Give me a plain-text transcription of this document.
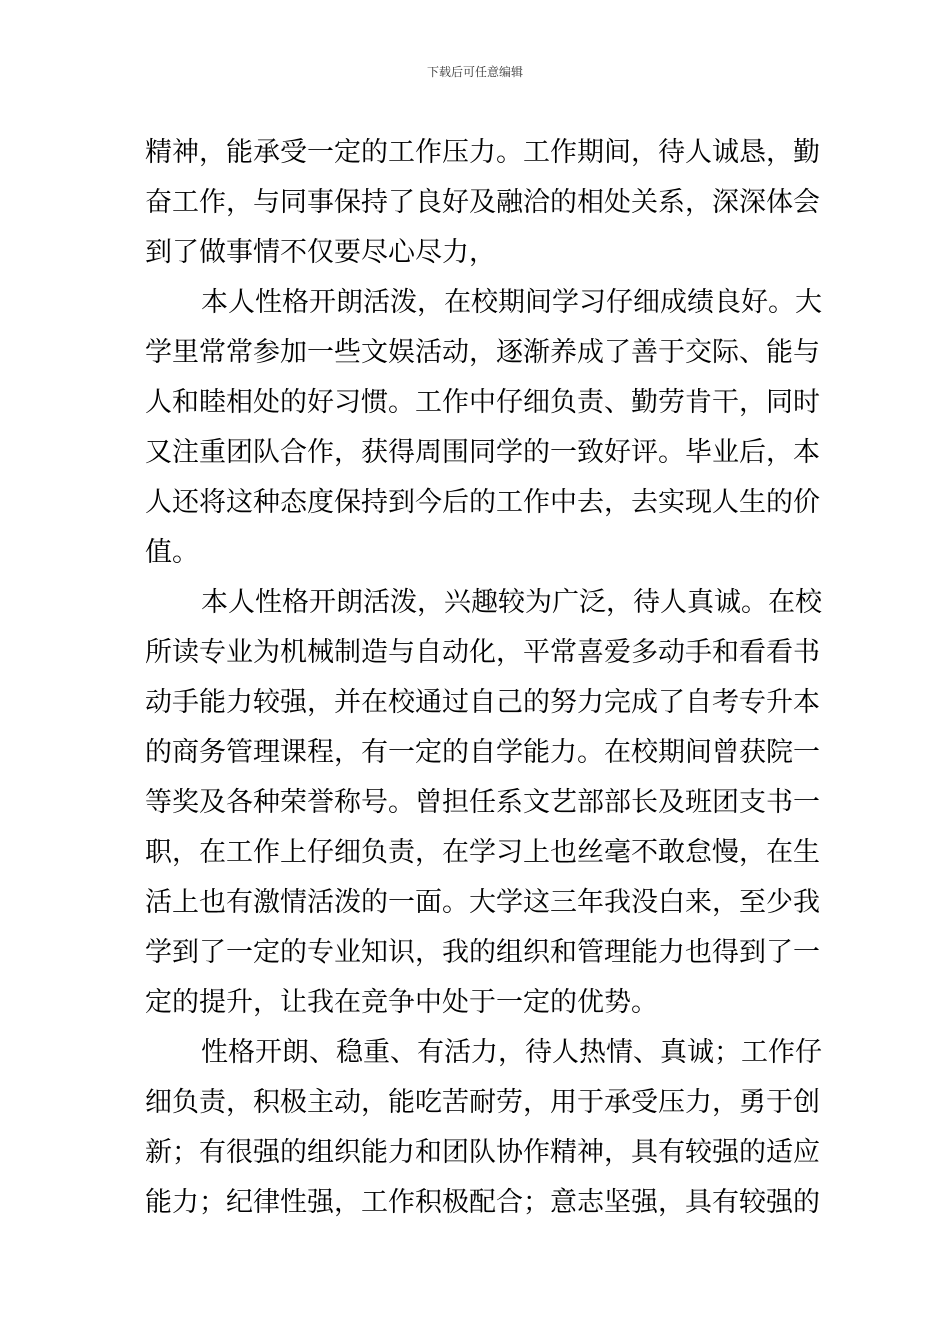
下载后可任意编辑
精神，能承受一定的工作压力。工作期间，待人诚恳，勤
奋工作，与同事保持了良好及融洽的相处关系，深深体会
到了做事情不仅要尽心尽力，
本人性格开朗活泼，在校期间学习仔细成绩良好。大
学里常常参加一些文娱活动，逐渐养成了善于交际、能与
人和睦相处的好习惯。工作中仔细负责、勤劳肯干，同时
又注重团队合作，获得周围同学的一致好评。毕业后，本
人还将这种态度保持到今后的工作中去，去实现人生的价
值。
本人性格开朗活泼，兴趣较为广泛，待人真诚。在校
所读专业为机械制造与自动化，平常喜爱多动手和看看书
动手能力较强，并在校通过自己的努力完成了自考专升本
的商务管理课程，有一定的自学能力。在校期间曾获院一
等奖及各种荣誉称号。曾担任系文艺部部长及班团支书一
职，在工作上仔细负责，在学习上也丝毫不敢怠慢，在生
活上也有激情活泼的一面。大学这三年我没白来，至少我
学到了一定的专业知识，我的组织和管理能力也得到了一
定的提升，让我在竞争中处于一定的优势。
性格开朗、稳重、有活力，待人热情、真诚；工作仔
细负责，积极主动，能吃苦耐劳，用于承受压力，勇于创
新；有很强的组织能力和团队协作精神，具有较强的适应
能力；纪律性强，工作积极配合；意志坚强，具有较强的
